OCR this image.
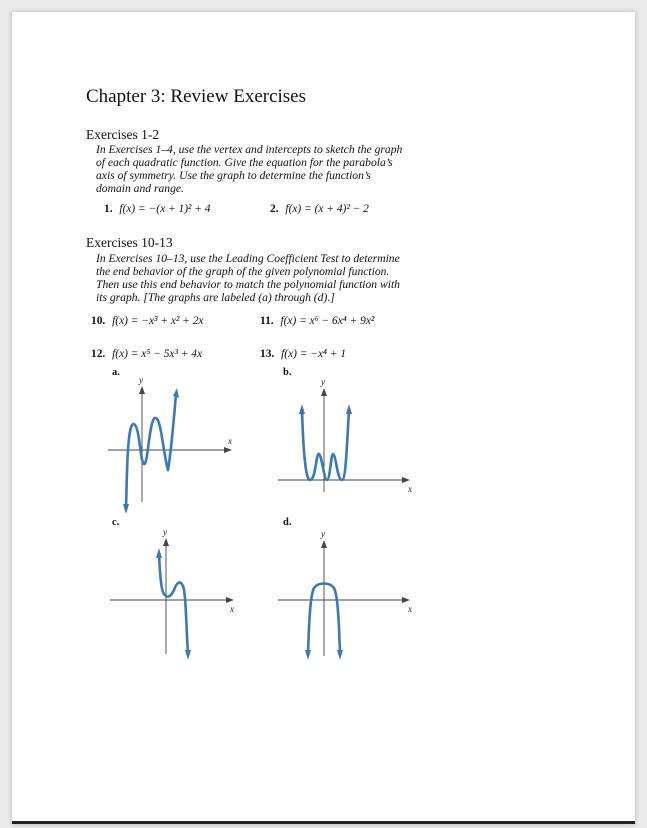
Chapter 3: Review Exercises
Exercises 1-2

In Exercises 1–4, use the vertex and intercepts to sketch the graph
of each quadratic function. Give the equation for the parabola’s
axis of symmetry. Use the graph to determine the function’s
domain and range.

1. f(x) = −(x + 1)² + 4	2. f(x) = (x + 4)² − 2
Exercises 10-13

In Exercises 10–13, use the Leading Coefficient Test to determine
the end behavior of the graph of the given polynomial function.
Then use this end behavior to match the polynomial function with
its graph. [The graphs are labeled (a) through (d).]

10. f(x) = −x³ + x² + 2x	11. f(x) = x⁶ − 6x⁴ + 9x²
12. f(x) = x⁵ − 5x³ + 4x	13. f(x) = −x⁴ + 1
a.	b.
c.	d.
y
x
y
x
y
x
y
x
